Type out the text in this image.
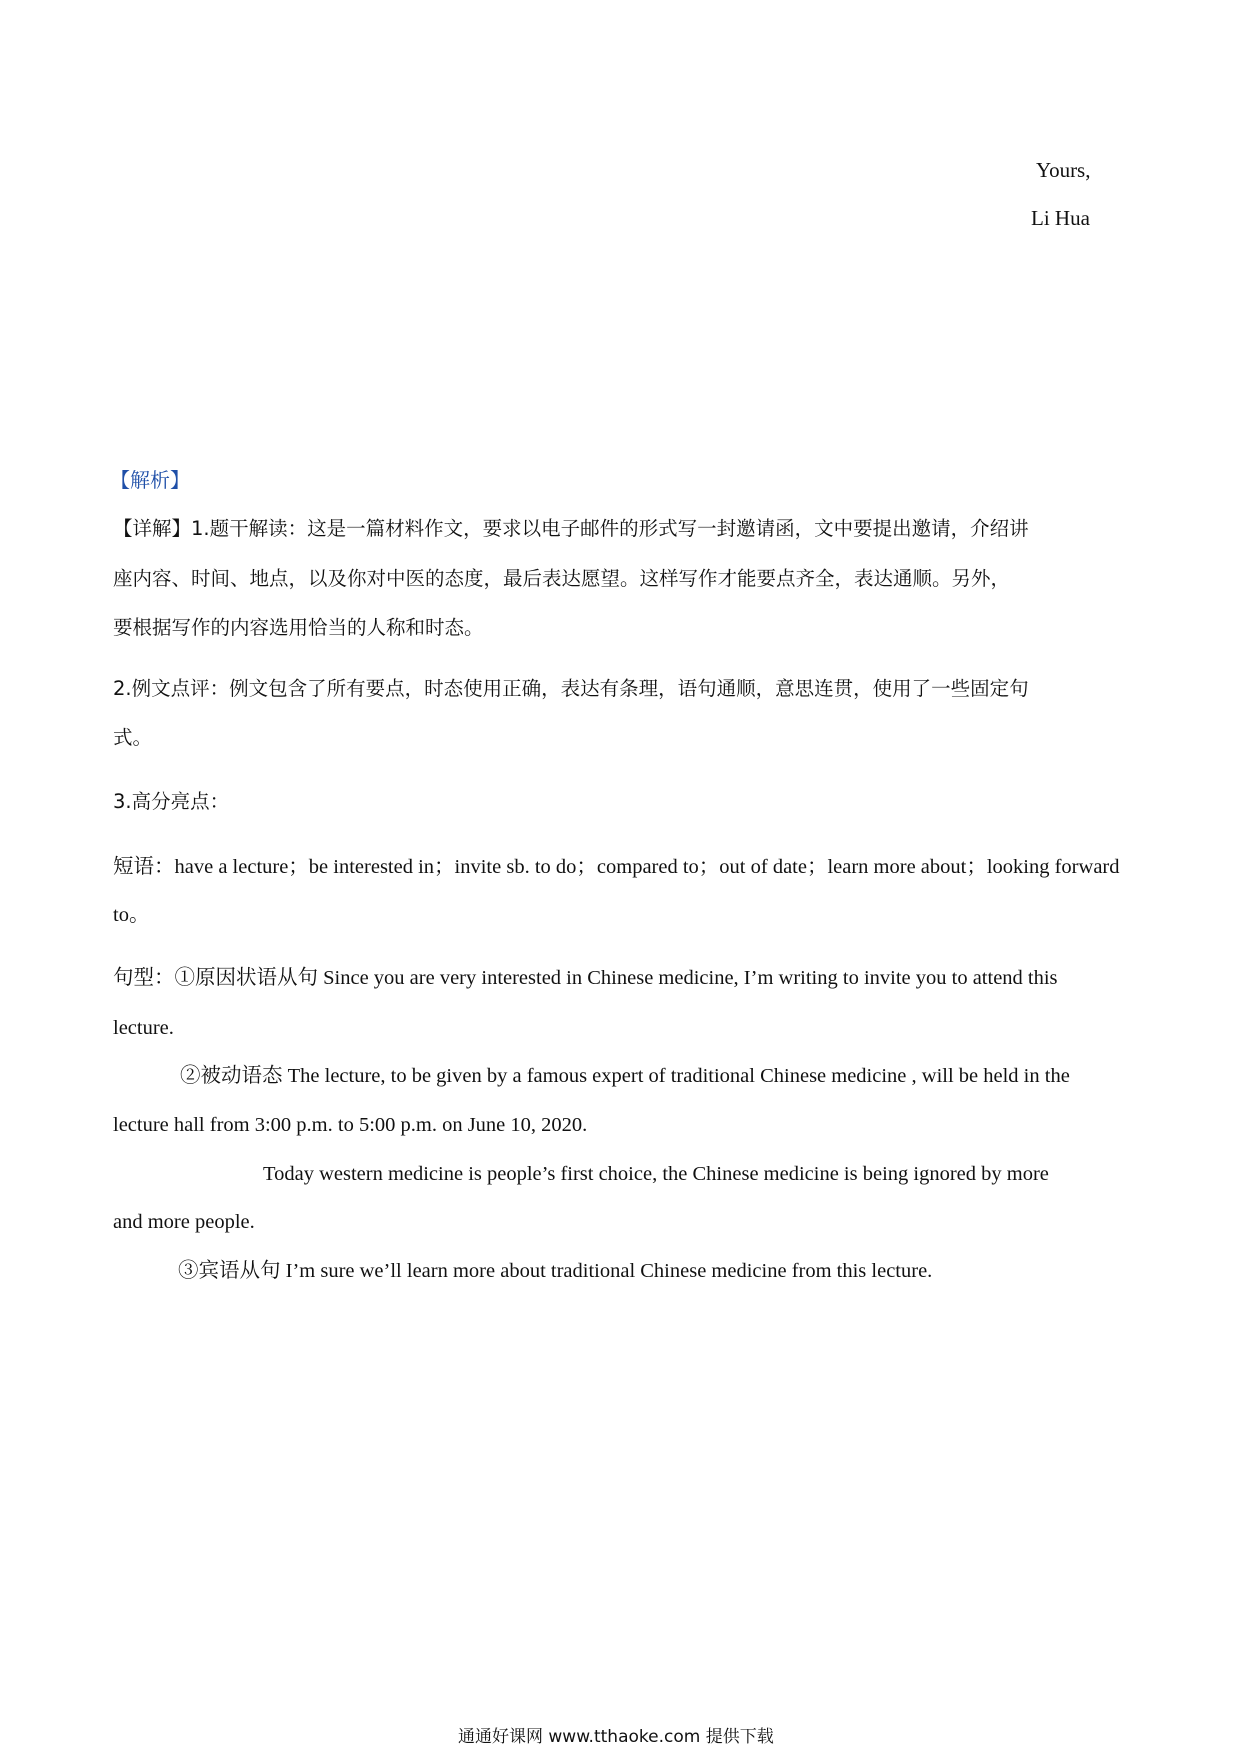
Yours,
Li Hua
【解析】
【详解】1.题干解读：这是一篇材料作文，要求以电子邮件的形式写一封邀请函，文中要提出邀请，介绍讲
座内容、时间、地点，以及你对中医的态度，最后表达愿望。这样写作才能要点齐全，表达通顺。另外，
要根据写作的内容选用恰当的人称和时态。
2.例文点评：例文包含了所有要点，时态使用正确，表达有条理，语句通顺，意思连贯，使用了一些固定句
式。
3.高分亮点：
短语：have a lecture；be interested in；invite sb. to do；compared to；out of date；learn more about；looking forward
to。
句型：①原因状语从句 Since you are very interested in Chinese medicine, I’m writing to invite you to attend this
lecture.
②被动语态 The lecture, to be given by a famous expert of traditional Chinese medicine , will be held in the
lecture hall from 3:00 p.m. to 5:00 p.m. on June 10, 2020.
Today western medicine is people’s first choice, the Chinese medicine is being ignored by more
and more people.
③宾语从句 I’m sure we’ll learn more about traditional Chinese medicine from this lecture.
通通好课网 www.tthaoke.com 提供下载
